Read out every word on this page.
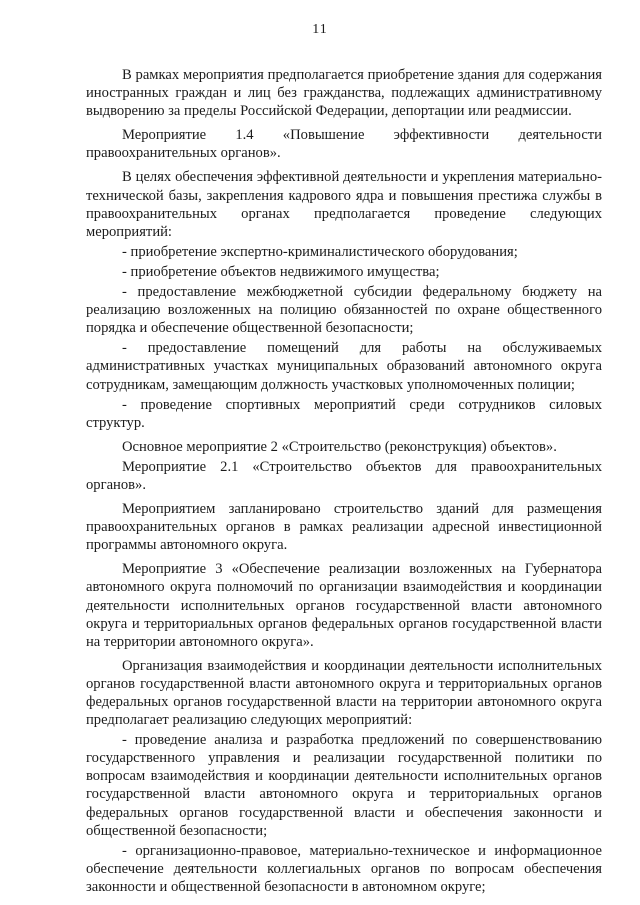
11

В рамках мероприятия предполагается приобретение здания для содержания иностранных граждан и лиц без гражданства, подлежащих административному выдворению за пределы Российской Федерации, депортации или реадмиссии.

Мероприятие 1.4 «Повышение эффективности деятельности правоохранительных органов».

В целях обеспечения эффективной деятельности и укрепления материально-технической базы, закрепления кадрового ядра и повышения престижа службы в правоохранительных органах предполагается проведение следующих мероприятий:

- приобретение экспертно-криминалистического оборудования;

- приобретение объектов недвижимого имущества;

- предоставление межбюджетной субсидии федеральному бюджету на реализацию возложенных на полицию обязанностей по охране общественного порядка и обеспечение общественной безопасности;

- предоставление помещений для работы на обслуживаемых административных участках муниципальных образований автономного округа сотрудникам, замещающим должность участковых уполномоченных полиции;

- проведение спортивных мероприятий среди сотрудников силовых структур.

Основное мероприятие 2 «Строительство (реконструкция) объектов».

Мероприятие 2.1 «Строительство объектов для правоохранительных органов».

Мероприятием запланировано строительство зданий для размещения правоохранительных органов в рамках реализации адресной инвестиционной программы автономного округа.

Мероприятие 3 «Обеспечение реализации возложенных на Губернатора автономного округа полномочий по организации взаимодействия и координации деятельности исполнительных органов государственной власти автономного округа и территориальных органов федеральных органов государственной власти на территории автономного округа».

Организация взаимодействия и координации деятельности исполнительных органов государственной власти автономного округа и территориальных органов федеральных органов государственной власти на территории автономного округа предполагает реализацию следующих мероприятий:

- проведение анализа и разработка предложений по совершенствованию государственного управления и реализации государственной политики по вопросам взаимодействия и координации деятельности исполнительных органов государственной власти автономного округа и территориальных органов федеральных органов государственной власти и обеспечения законности и общественной безопасности;

- организационно-правовое, материально-техническое и информационное обеспечение деятельности коллегиальных органов по вопросам обеспечения законности и общественной безопасности в автономном округе;
